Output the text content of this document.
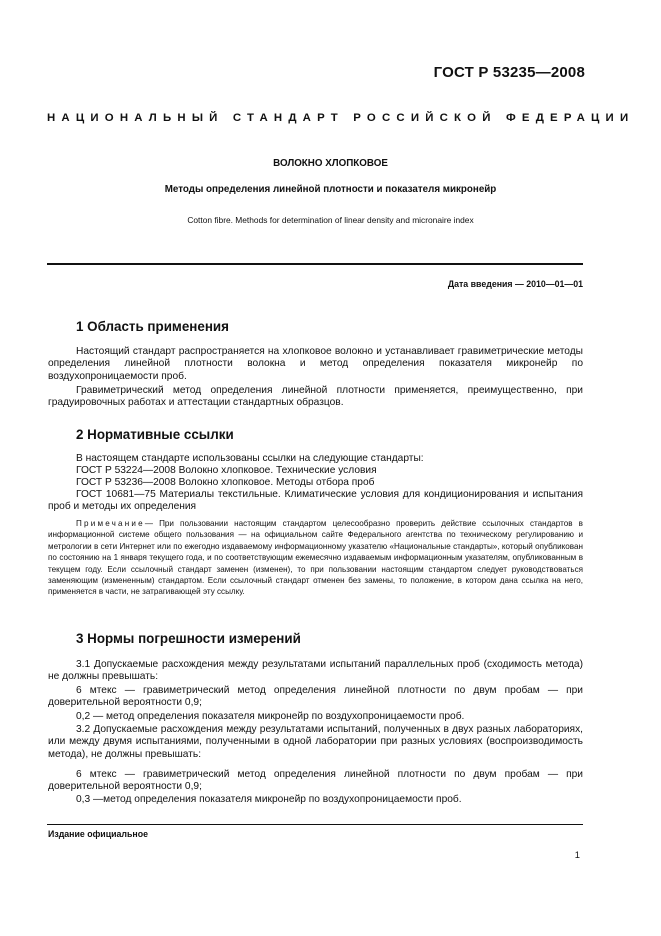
ГОСТ Р 53235—2008
НАЦИОНАЛЬНЫЙ СТАНДАРТ РОССИЙСКОЙ ФЕДЕРАЦИИ
ВОЛОКНО ХЛОПКОВОЕ
Методы определения линейной плотности и показателя микронейр
Cotton fibre. Methods for determination of linear density and micronaire index
Дата введения — 2010—01—01
1 Область применения
Настоящий стандарт распространяется на хлопковое волокно и устанавливает гравиметрические методы определения линейной плотности волокна и метод определения показателя микронейр по воздухопроницаемости проб.
Гравиметрический метод определения линейной плотности применяется, преимущественно, при градуировочных работах и аттестации стандартных образцов.
2 Нормативные ссылки
В настоящем стандарте использованы ссылки на следующие стандарты:
ГОСТ Р 53224—2008 Волокно хлопковое. Технические условия
ГОСТ Р 53236—2008 Волокно хлопковое. Методы отбора проб
ГОСТ 10681—75 Материалы текстильные. Климатические условия для кондиционирования и испытания проб и методы их определения
Примечание— При пользовании настоящим стандартом целесообразно проверить действие ссылочных стандартов в информационной системе общего пользования — на официальном сайте Федерального агентства по техническому регулированию и метрологии в сети Интернет или по ежегодно издаваемому информационному указателю «Национальные стандарты», который опубликован по состоянию на 1 января текущего года, и по соответствующим ежемесячно издаваемым информационным указателям, опубликованным в текущем году. Если ссылочный стандарт заменен (изменен), то при пользовании настоящим стандартом следует руководствоваться заменяющим (измененным) стандартом. Если ссылочный стандарт отменен без замены, то положение, в котором дана ссылка на него, применяется в части, не затрагивающей эту ссылку.
3 Нормы погрешности измерений
3.1 Допускаемые расхождения между результатами испытаний параллельных проб (сходимость метода) не должны превышать:
6 мтекс — гравиметрический метод определения линейной плотности по двум пробам — при доверительной вероятности 0,9;
0,2 — метод определения показателя микронейр по воздухопроницаемости проб.
3.2 Допускаемые расхождения между результатами испытаний, полученных в двух разных лабораториях, или между двумя испытаниями, полученными в одной лаборатории при разных условиях (воспроизводимость метода), не должны превышать:
6 мтекс — гравиметрический метод определения линейной плотности по двум пробам — при доверительной вероятности 0,9;
0,3 —метод определения показателя микронейр по воздухопроницаемости проб.
Издание официальное
1
